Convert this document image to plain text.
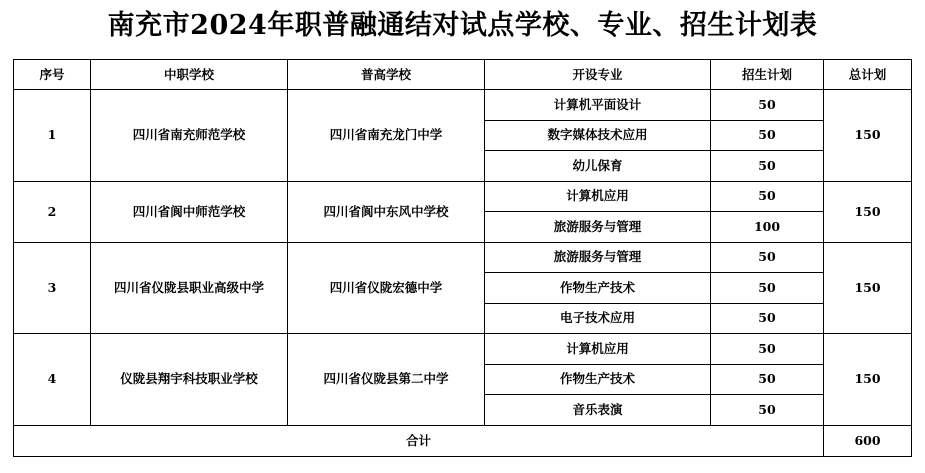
南充市2024年职普融通结对试点学校、专业、招生计划表
序号	中职学校	普高学校	开设专业	招生计划	总计划
1	四川省南充师范学校	四川省南充龙门中学	计算机平面设计	50	150
			数字媒体技术应用	50	
			幼儿保育	50	
2	四川省阆中师范学校	四川省阆中东风中学校	计算机应用	50	150
			旅游服务与管理	100	
3	四川省仪陇县职业高级中学	四川省仪陇宏德中学	旅游服务与管理	50	150
			作物生产技术	50	
			电子技术应用	50	
4	仪陇县翔宇科技职业学校	四川省仪陇县第二中学	计算机应用	50	150
			作物生产技术	50	
			音乐表演	50	
合计					600
